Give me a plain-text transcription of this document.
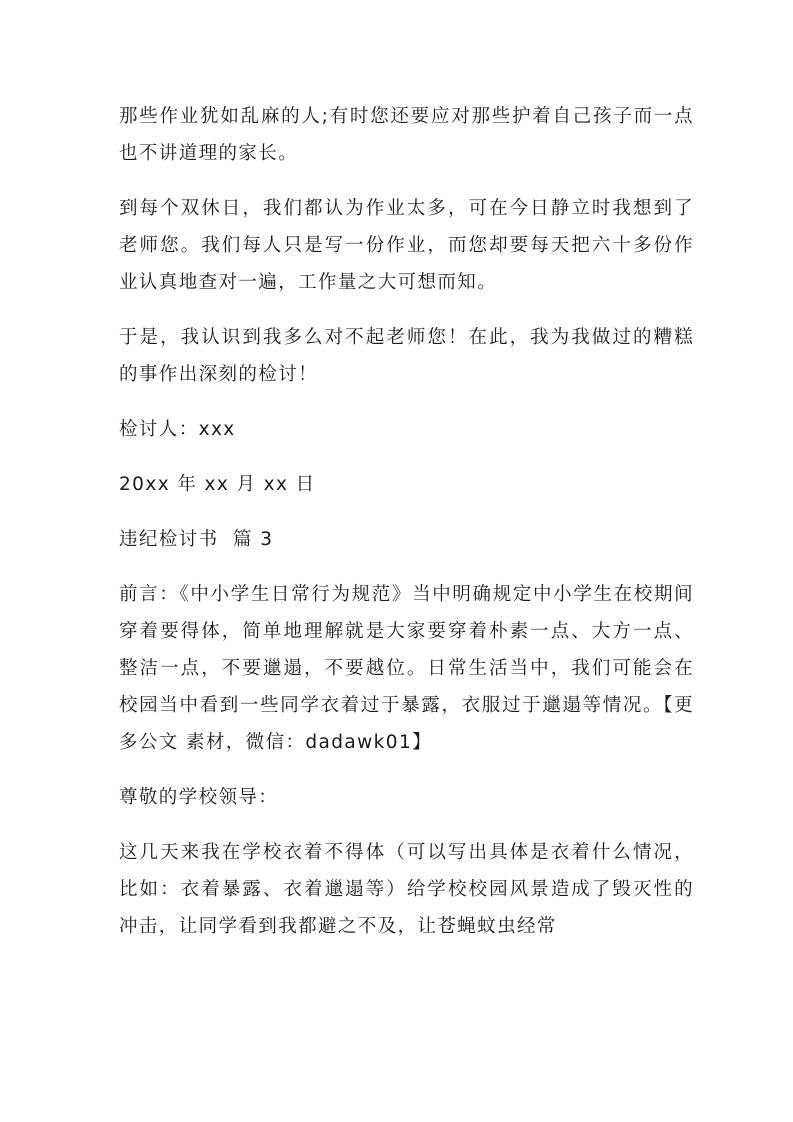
那些作业犹如乱麻的人;有时您还要应对那些护着自己孩子而一点也不讲道理的家长。

到每个双休日，我们都认为作业太多，可在今日静立时我想到了老师您。我们每人只是写一份作业，而您却要每天把六十多份作业认真地查对一遍，工作量之大可想而知。

于是，我认识到我多么对不起老师您！在此，我为我做过的糟糕的事作出深刻的检讨！

检讨人：xxx

20xx 年 xx 月 xx 日

违纪检讨书  篇 3

前言：《中小学生日常行为规范》当中明确规定中小学生在校期间穿着要得体，简单地理解就是大家要穿着朴素一点、大方一点、整洁一点，不要邋遢，不要越位。日常生活当中，我们可能会在校园当中看到一些同学衣着过于暴露，衣服过于邋遢等情况。【更多公文 素材，微信：dadawk01】

尊敬的学校领导：

这几天来我在学校衣着不得体（可以写出具体是衣着什么情况，比如：衣着暴露、衣着邋遢等）给学校校园风景造成了毁灭性的冲击，让同学看到我都避之不及，让苍蝇蚊虫经常
